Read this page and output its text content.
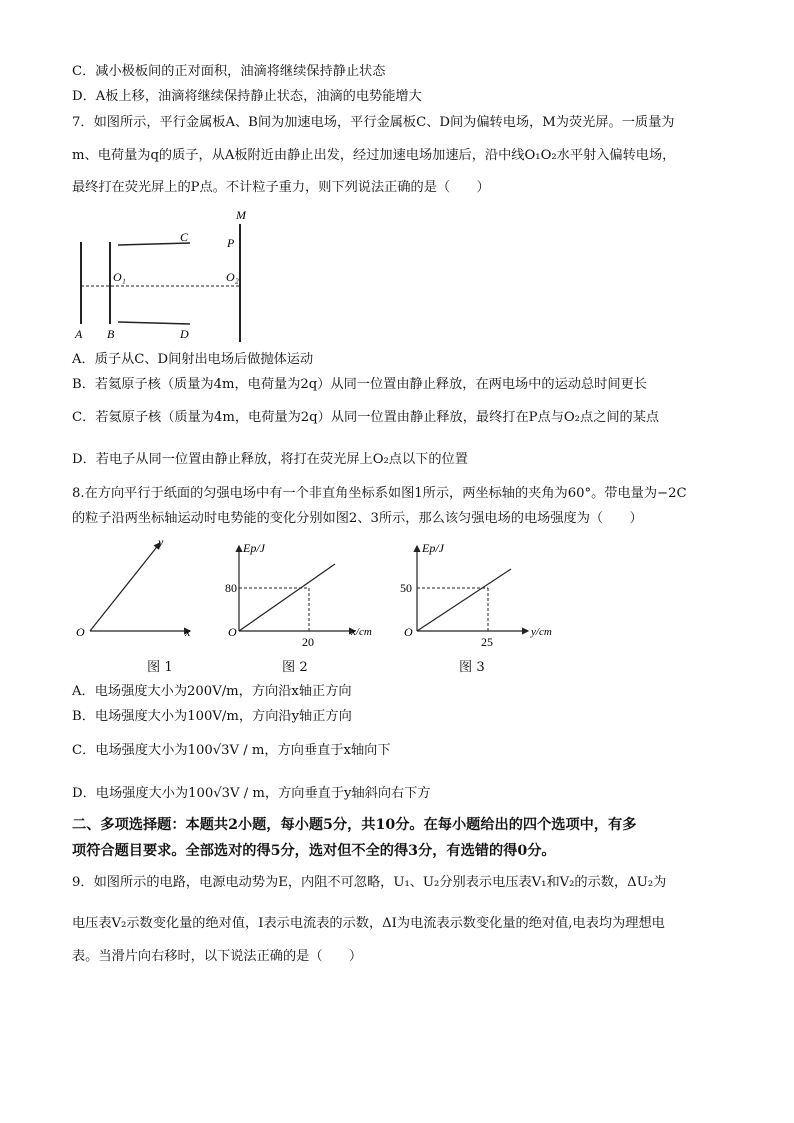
C．减小极板间的正对面积，油滴将继续保持静止状态
D．A板上移，油滴将继续保持静止状态，油滴的电势能增大
7．如图所示，平行金属板A、B间为加速电场，平行金属板C、D间为偏转电场，M为荧光屏。一质量为
m、电荷量为q的质子，从A板附近由静止出发，经过加速电场加速后，沿中线O₁O₂水平射入偏转电场，
最终打在荧光屏上的P点。不计粒子重力，则下列说法正确的是（　　）
M
P
C
O₁	O₂
A B	D
A．质子从C、D间射出电场后做抛体运动
B．若氦原子核（质量为4m，电荷量为2q）从同一位置由静止释放，在两电场中的运动总时间更长
C．若氦原子核（质量为4m，电荷量为2q）从同一位置由静止释放，最终打在P点与O₂点之间的某点
D．若电子从同一位置由静止释放，将打在荧光屏上O₂点以下的位置
8.在方向平行于纸面的匀强电场中有一个非直角坐标系如图1所示，两坐标轴的夹角为60°。带电量为−2C
的粒子沿两坐标轴运动时电势能的变化分别如图2、3所示，那么该匀强电场的电场强度为（　　）
O	x
y	Ep/J
80
O
20
x/cm
Ep/J
50
O
25
y/cm
图 1	图 2	图 3
A．电场强度大小为200V/m，方向沿x轴正方向
B．电场强度大小为100V/m，方向沿y轴正方向
C．电场强度大小为100√3V / m，方向垂直于x轴向下
D．电场强度大小为100√3V / m，方向垂直于y轴斜向右下方
二、多项选择题：本题共2小题，每小题5分，共10分。在每小题给出的四个选项中，有多
项符合题目要求。全部选对的得5分，选对但不全的得3分，有选错的得0分。
9．如图所示的电路，电源电动势为E，内阻不可忽略，U₁、U₂分别表示电压表V₁和V₂的示数，ΔU₂为
电压表V₂示数变化量的绝对值，I表示电流表的示数，ΔI为电流表示数变化量的绝对值,电表均为理想电
表。当滑片向右移时，以下说法正确的是（　　）
